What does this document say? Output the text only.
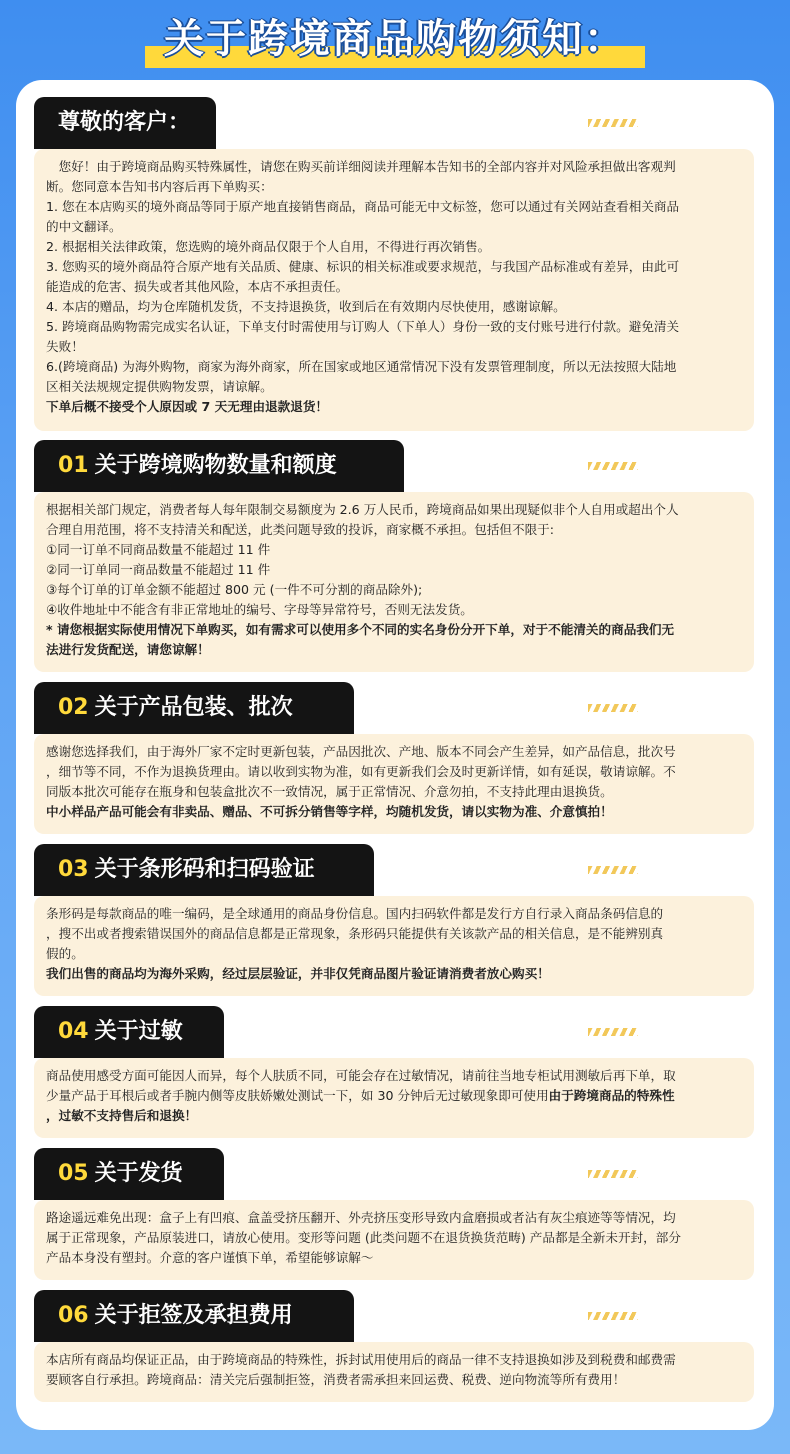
关于跨境商品购物须知：
尊敬的客户：
　您好！由于跨境商品购买特殊属性，请您在购买前详细阅读并理解本告知书的全部内容并对风险承担做出客观判
断。您同意本告知书内容后再下单购买：
1. 您在本店购买的境外商品等同于原产地直接销售商品，商品可能无中文标签，您可以通过有关网站查看相关商品
的中文翻译。
2. 根据相关法律政策，您选购的境外商品仅限于个人自用，不得进行再次销售。
3. 您购买的境外商品符合原产地有关品质、健康、标识的相关标准或要求规范，与我国产品标准或有差异，由此可
能造成的危害、损失或者其他风险，本店不承担责任。
4. 本店的赠品，均为仓库随机发货，不支持退换货，收到后在有效期内尽快使用，感谢谅解。
5. 跨境商品购物需完成实名认证，下单支付时需使用与订购人（下单人）身份一致的支付账号进行付款。避免清关
失败！
6.(跨境商品) 为海外购物，商家为海外商家，所在国家或地区通常情况下没有发票管理制度，所以无法按照大陆地
区相关法规规定提供购物发票，请谅解。
下单后概不接受个人原因或 7 天无理由退款退货！
01 关于跨境购物数量和额度
根据相关部门规定，消费者每人每年限制交易额度为 2.6 万人民币，跨境商品如果出现疑似非个人自用或超出个人
合理自用范围，将不支持清关和配送，此类问题导致的投诉，商家概不承担。包括但不限于:
①同一订单不同商品数量不能超过 11 件
②同一订单同一商品数量不能超过 11 件
③每个订单的订单金额不能超过 800 元 (一件不可分割的商品除外);
④收件地址中不能含有非正常地址的编号、字母等异常符号，否则无法发货。
* 请您根据实际使用情况下单购买，如有需求可以使用多个不同的实名身份分开下单，对于不能清关的商品我们无
法进行发货配送，请您谅解！
02 关于产品包装、批次
感谢您选择我们，由于海外厂家不定时更新包装，产品因批次、产地、版本不同会产生差异，如产品信息，批次号
，细节等不同，不作为退换货理由。请以收到实物为准，如有更新我们会及时更新详情，如有延误，敬请谅解。不
同版本批次可能存在瓶身和包装盒批次不一致情况，属于正常情况、介意勿拍，不支持此理由退换货。
中小样品产品可能会有非卖品、赠品、不可拆分销售等字样，均随机发货，请以实物为准、介意慎拍！
03 关于条形码和扫码验证
条形码是每款商品的唯一编码，是全球通用的商品身份信息。国内扫码软件都是发行方自行录入商品条码信息的
，搜不出或者搜索错误国外的商品信息都是正常现象，条形码只能提供有关该款产品的相关信息，是不能辨别真
假的。
我们出售的商品均为海外采购，经过层层验证，并非仅凭商品图片验证请消费者放心购买！
04 关于过敏
商品使用感受方面可能因人而异，每个人肤质不同，可能会存在过敏情况，请前往当地专柜试用测敏后再下单，取
少量产品于耳根后或者手腕内侧等皮肤娇嫩处测试一下，如 30 分钟后无过敏现象即可使用由于跨境商品的特殊性
，过敏不支持售后和退换！
05 关于发货
路途遥远难免出现：盒子上有凹痕、盒盖受挤压翻开、外壳挤压变形导致内盒磨损或者沾有灰尘痕迹等等情况，均
属于正常现象，产品原装进口，请放心使用。变形等问题 (此类问题不在退货换货范畴) 产品都是全新未开封，部分
产品本身没有塑封。介意的客户谨慎下单，希望能够谅解～
06 关于拒签及承担费用
本店所有商品均保证正品，由于跨境商品的特殊性，拆封试用使用后的商品一律不支持退换如涉及到税费和邮费需
要顾客自行承担。跨境商品：清关完后强制拒签，消费者需承担来回运费、税费、逆向物流等所有费用！
